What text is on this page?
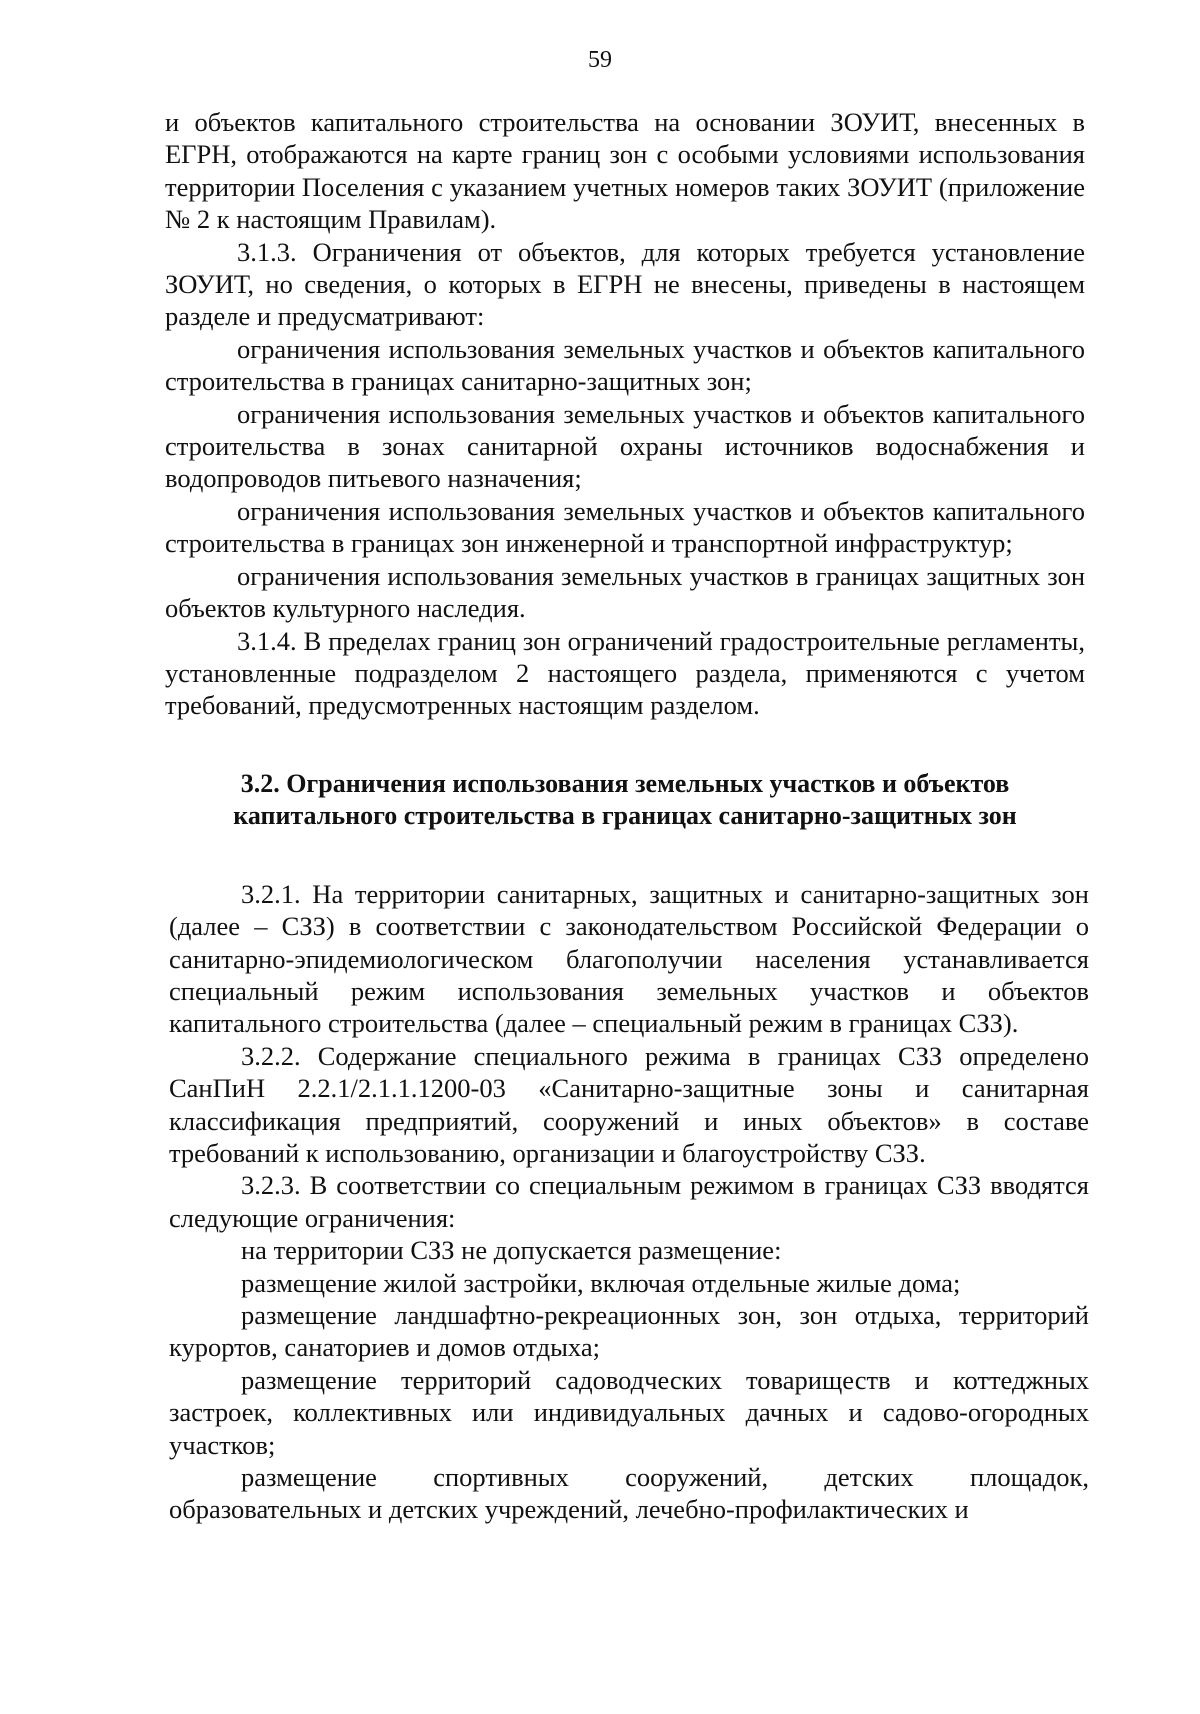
59

и объектов капитального строительства на основании ЗОУИТ, внесенных в ЕГРН, отображаются на карте границ зон с особыми условиями использования территории Поселения с указанием учетных номеров таких ЗОУИТ (приложение № 2 к настоящим Правилам).

3.1.3. Ограничения от объектов, для которых требуется установление ЗОУИТ, но сведения, о которых в ЕГРН не внесены, приведены в настоящем разделе и предусматривают:

ограничения использования земельных участков и объектов капитального строительства в границах санитарно-защитных зон;

ограничения использования земельных участков и объектов капитального строительства в зонах санитарной охраны источников водоснабжения и водопроводов питьевого назначения;

ограничения использования земельных участков и объектов капитального строительства в границах зон инженерной и транспортной инфраструктур;

ограничения использования земельных участков в границах защитных зон объектов культурного наследия.

3.1.4. В пределах границ зон ограничений градостроительные регламенты, установленные подразделом 2 настоящего раздела, применяются с учетом требований, предусмотренных настоящим разделом.

3.2. Ограничения использования земельных участков и объектов
капитального строительства в границах санитарно-защитных зон

3.2.1. На территории санитарных, защитных и санитарно-защитных зон (далее – СЗЗ) в соответствии с законодательством Российской Федерации о санитарно-эпидемиологическом благополучии населения устанавливается специальный режим использования земельных участков и объектов капитального строительства (далее – специальный режим в границах СЗЗ).

3.2.2. Содержание специального режима в границах СЗЗ определено СанПиН 2.2.1/2.1.1.1200-03 «Санитарно-защитные зоны и санитарная классификация предприятий, сооружений и иных объектов» в составе требований к использованию, организации и благоустройству СЗЗ.

3.2.3. В соответствии со специальным режимом в границах СЗЗ вводятся следующие ограничения:

на территории СЗЗ не допускается размещение:

размещение жилой застройки, включая отдельные жилые дома;

размещение ландшафтно-рекреационных зон, зон отдыха, территорий курортов, санаториев и домов отдыха;

размещение территорий садоводческих товариществ и коттеджных застроек, коллективных или индивидуальных дачных и садово-огородных участков;

размещение спортивных сооружений, детских площадок, образовательных и детских учреждений, лечебно-профилактических и
